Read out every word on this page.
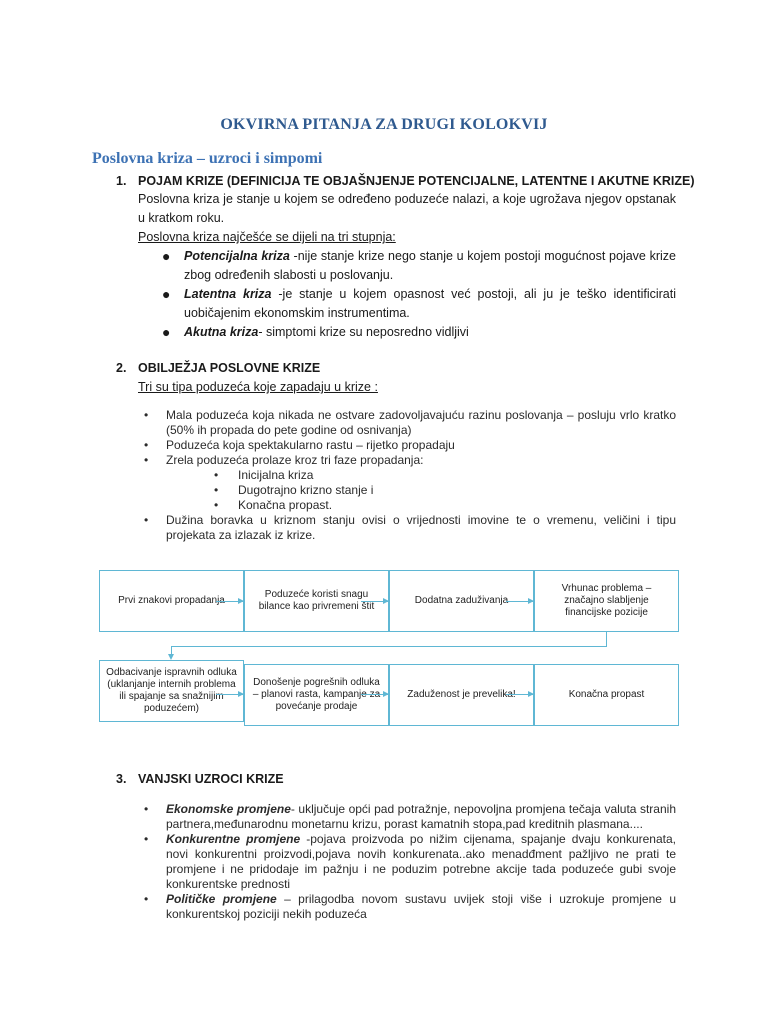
OKVIRNA PITANJA ZA DRUGI KOLOKVIJ
Poslovna kriza – uzroci i simpomi
1. POJAM KRIZE (DEFINICIJA TE OBJAŠNJENJE POTENCIJALNE, LATENTNE I AKUTNE KRIZE)
Poslovna kriza je stanje u kojem se određeno poduzeće nalazi, a koje ugrožava njegov opstanak u kratkom roku.
Poslovna kriza najčešće se dijeli na tri stupnja:
● Potencijalna kriza -nije stanje krize nego stanje u kojem postoji mogućnost pojave krize zbog određenih slabosti u poslovanju.
● Latentna kriza -je stanje u kojem opasnost već postoji, ali ju je teško identificirati uobičajenim ekonomskim instrumentima.
● Akutna kriza- simptomi krize su neposredno vidljivi
2. OBILJEŽJA POSLOVNE KRIZE
Tri su tipa poduzeća koje zapadaju u krize :
• Mala poduzeća koja nikada ne ostvare zadovoljavajuću razinu poslovanja – posluju vrlo kratko (50% ih propada do pete godine od osnivanja)
• Poduzeća koja spektakularno rastu – rijetko propadaju
• Zrela poduzeća prolaze kroz tri faze propadanja:
• Inicijalna kriza
• Dugotrajno krizno stanje i
• Konačna propast.
• Dužina boravka u kriznom stanju ovisi o vrijednosti imovine te o vremenu, veličini i tipu projekata za izlazak iz krize.
Prvi znakovi propadanja
Poduzeće koristi snagu bilance kao privremeni štit
Dodatna zaduživanja
Vrhunac problema – značajno slabljenje financijske pozicije
Odbacivanje ispravnih odluka (uklanjanje internih problema ili spajanje sa snažnijim poduzećem)
Donošenje pogrešnih odluka – planovi rasta, kampanje za povećanje prodaje
Zaduženost je prevelika!	Konačna propast
3. VANJSKI UZROCI KRIZE
• Ekonomske promjene- uključuje opći pad potražnje, nepovoljna promjena tečaja valuta stranih partnera,međunarodnu monetarnu krizu, porast kamatnih stopa,pad kreditnih plasmana....
• Konkurentne promjene -pojava proizvoda po nižim cijenama, spajanje dvaju konkurenata, novi konkurentni proizvodi,pojava novih konkurenata..ako menadđment pažljivo ne prati te promjene i ne pridodaje im pažnju i ne poduzim potrebne akcije tada poduzeće gubi svoje konkurentske prednosti
• Političke promjene – prilagodba novom sustavu uvijek stoji više i uzrokuje promjene u konkurentskoj poziciji nekih poduzeća
